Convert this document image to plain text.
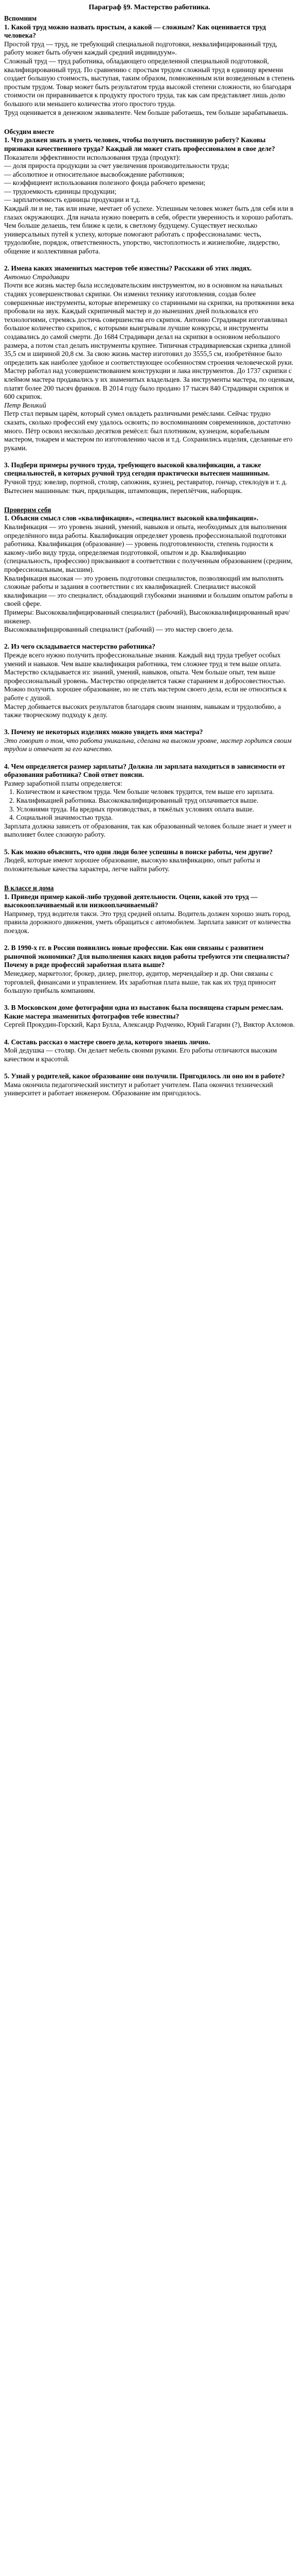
Параграф §9. Мастерство работника.
Вспомним

1. Какой труд можно назвать простым, а какой — сложным? Как оценивается труд человека?

Простой труд — труд, не требующий специальной подготовки, неквалифицированный труд, работу может быть обучен каждый средний индивидуум».

Сложный труд — труд работника, обладающего определенной специальной подготовкой, квалифицированный труд. По сравнению с простым трудом сложный труд в единицу времени создает большую стоимость, выступая, таким образом, помноженным или возведенным в степень простым трудом. Товар может быть результатом труда высокой степени сложности, но благодаря стоимости он приравнивается к продукту простого труда, так как сам представляет лишь долю большого или меньшего количества этого простого труда.

Труд оценивается в денежном эквиваленте. Чем больше работаешь, тем больше зарабатываешь.

Обсудим вместе

1. Что должен знать и уметь человек, чтобы получить постоянную работу? Каковы признаки качественного труда? Каждый ли может стать профессионалом в свое деле?

Показатели эффективности использования труда (продукт):

— доля прироста продукции за счет увеличения производительности труда;

— абсолютное и относительное высвобождение работников;

— коэффициент использования полезного фонда рабочего времени;

— трудоемкость единицы продукции;

— зарплатоемкость единицы продукции и т.д.

Каждый ли и не, так или иначе, мечтает об успехе. Успешным человек может быть для себя или в глазах окружающих. Для начала нужно поверить в себя, обрести уверенность и хорошо работать. Чем больше делаешь, тем ближе к цели, к светлому будущему. Существует несколько универсальных путей к успеху, которые помогают работать с профессионалами: честь, трудолюбие, порядок, ответственность, упорство, чистоплотность и жизнелюбие, лидерство, общение и коллективная работа.

2. Имена каких знаменитых мастеров тебе известны? Расскажи об этих людях.

Антонио Страдивари

Почти все жизнь мастер была исследовательским инструментом, но в основном на начальных стадиях усовершенствовал скрипки. Он изменил технику изготовления, создав более совершенные инструменты, которые вперемешку со старинными на скрипки, на протяжении века пробовали на звук. Каждый скрипичный мастер и до нынешних дней пользовался его технологиями, стремясь достичь совершенства его скрипок. Антонио Страдивари изготавливал большое количество скрипок, с которыми выигрывали лучшие конкурсы, и инструменты создавались до самой смерти. До 1684 Страдивари делал на скрипки в основном небольшого размера, а потом стал делать инструменты крупнее. Типичная страдивариевская скрипка длиной 35,5 см и шириной 20,8 см. За свою жизнь мастер изготовил до 3555,5 см, изобретённое было определить как наиболее удобное и соответствующее особенностям строения человеческой руки. Мастер работал над усовершенствованием конструкции и лака инструментов. До 1737 скрипки с клеймом мастера продавались у их знаменитых владельцев. За инструменты мастера, по оценкам, платят более 200 тысяч франков. В 2014 году было продано 17 тысяч 840 Страдивари скрипок и 600 скрипок.

Петр Великий

Петр стал первым царём, который сумел овладеть различными ремёслами. Сейчас трудно сказать, сколько профессий ему удалось освоить; по воспоминаниям современников, достаточно много. Пётр освоил несколько десятков ремёсел: был плотником, кузнецом, корабельным мастером, токарем и мастером по изготовлению часов и т.д. Сохранились изделия, сделанные его руками.

3. Подбери примеры ручного труда, требующего высокой квалификации, а также специальностей, в которых ручной труд сегодня практически вытеснен машинным.

Ручной труд: ювелир, портной, столяр, сапожник, кузнец, реставратор, гончар, стеклодув и т. д.

Вытеснен машинным: ткач, прядильщик, штамповщик, переплётчик, наборщик.

Проверим себя

1. Объясни смысл слов «квалификация», «специалист высокой квалификации».

Квалификация — это уровень знаний, умений, навыков и опыта, необходимых для выполнения определённого вида работы. Квалификация определяет уровень профессиональной подготовки работника. Квалификация (образование) — уровень подготовленности, степень годности к какому-либо виду труда, определяемая подготовкой, опытом и др. Квалификацию (специальность, профессию) присваивают в соответствии с полученным образованием (средним, профессиональным, высшим).

Квалификация высокая — это уровень подготовки специалистов, позволяющий им выполнять сложные работы и задания в соответствии с их квалификацией. Специалист высокой квалификации — это специалист, обладающий глубокими знаниями и большим опытом работы в своей сфере.

Примеры: Высококвалифицированный специалист (рабочий), Высококвалифицированный врач/инженер.

Высококвалифицированный специалист (рабочий) — это мастер своего дела.

2. Из чего складывается мастерство работника?

Прежде всего нужно получить профессиональные знания. Каждый вид труда требует особых умений и навыков. Чем выше квалификация работника, тем сложнее труд и тем выше оплата.

Мастерство складывается из: знаний, умений, навыков, опыта. Чем больше опыт, тем выше профессиональный уровень. Мастерство определяется также старанием и добросовестностью. Можно получить хорошее образование, но не стать мастером своего дела, если не относиться к работе с душой.

Мастер добивается высоких результатов благодаря своим знаниям, навыкам и трудолюбию, а также творческому подходу к делу.

3. Почему не некоторых изделиях можно увидеть имя мастера?

Это говорит о том, что работа уникальна, сделана на высоком уровне, мастер гордится своим трудом и отвечает за его качество.

4. Чем определяется размер зарплаты? Должна ли зарплата находиться в зависимости от образования работника? Свой ответ поясни.

Размер заработной платы определяется:

1. Количеством и качеством труда. Чем больше человек трудится, тем выше его зарплата.

2. Квалификацией работника. Высококвалифицированный труд оплачивается выше.

3. Условиями труда. На вредных производствах, в тяжёлых условиях оплата выше.

4. Социальной значимостью труда.

Зарплата должна зависеть от образования, так как образованный человек больше знает и умеет и выполняет более сложную работу.

5. Как можно объяснить, что одни люди более успешны в поиске работы, чем другие?

Людей, которые имеют хорошее образование, высокую квалификацию, опыт работы и положительные качества характера, легче найти работу.

В классе и дома

1. Приведи пример какой-либо трудовой деятельности. Оцени, какой это труд — высокооплачиваемый или низкооплачиваемый?

Например, труд водителя такси. Это труд средней оплаты. Водитель должен хорошо знать город, правила дорожного движения, уметь обращаться с автомобилем. Зарплата зависит от количества поездок.

2. В 1990-х гг. в России появились новые профессии. Как они связаны с развитием рыночной экономики? Для выполнения каких видов работы требуются эти специалисты? Почему в ряде профессий заработная плата выше?

Менеджер, маркетолог, брокер, дилер, риелтор, аудитор, мерчендайзер и др. Они связаны с торговлей, финансами и управлением. Их заработная плата выше, так как их труд приносит большую прибыль компаниям.

3. В Московском доме фотографии одна из выставок была посвящена старым ремеслам. Какие мастера знаменитых фотографов тебе известны?

Сергей Прокудин-Горский, Карл Булла, Александр Родченко, Юрий Гагарин (?), Виктор Ахломов.

4. Составь рассказ о мастере своего дела, которого знаешь лично.

Мой дедушка — столяр. Он делает мебель своими руками. Его работы отличаются высоким качеством и красотой.

5. Узнай у родителей, какое образование они получили. Пригодилось ли оно им в работе?

Мама окончила педагогический институт и работает учителем. Папа окончил технический университет и работает инженером. Образование им пригодилось.
